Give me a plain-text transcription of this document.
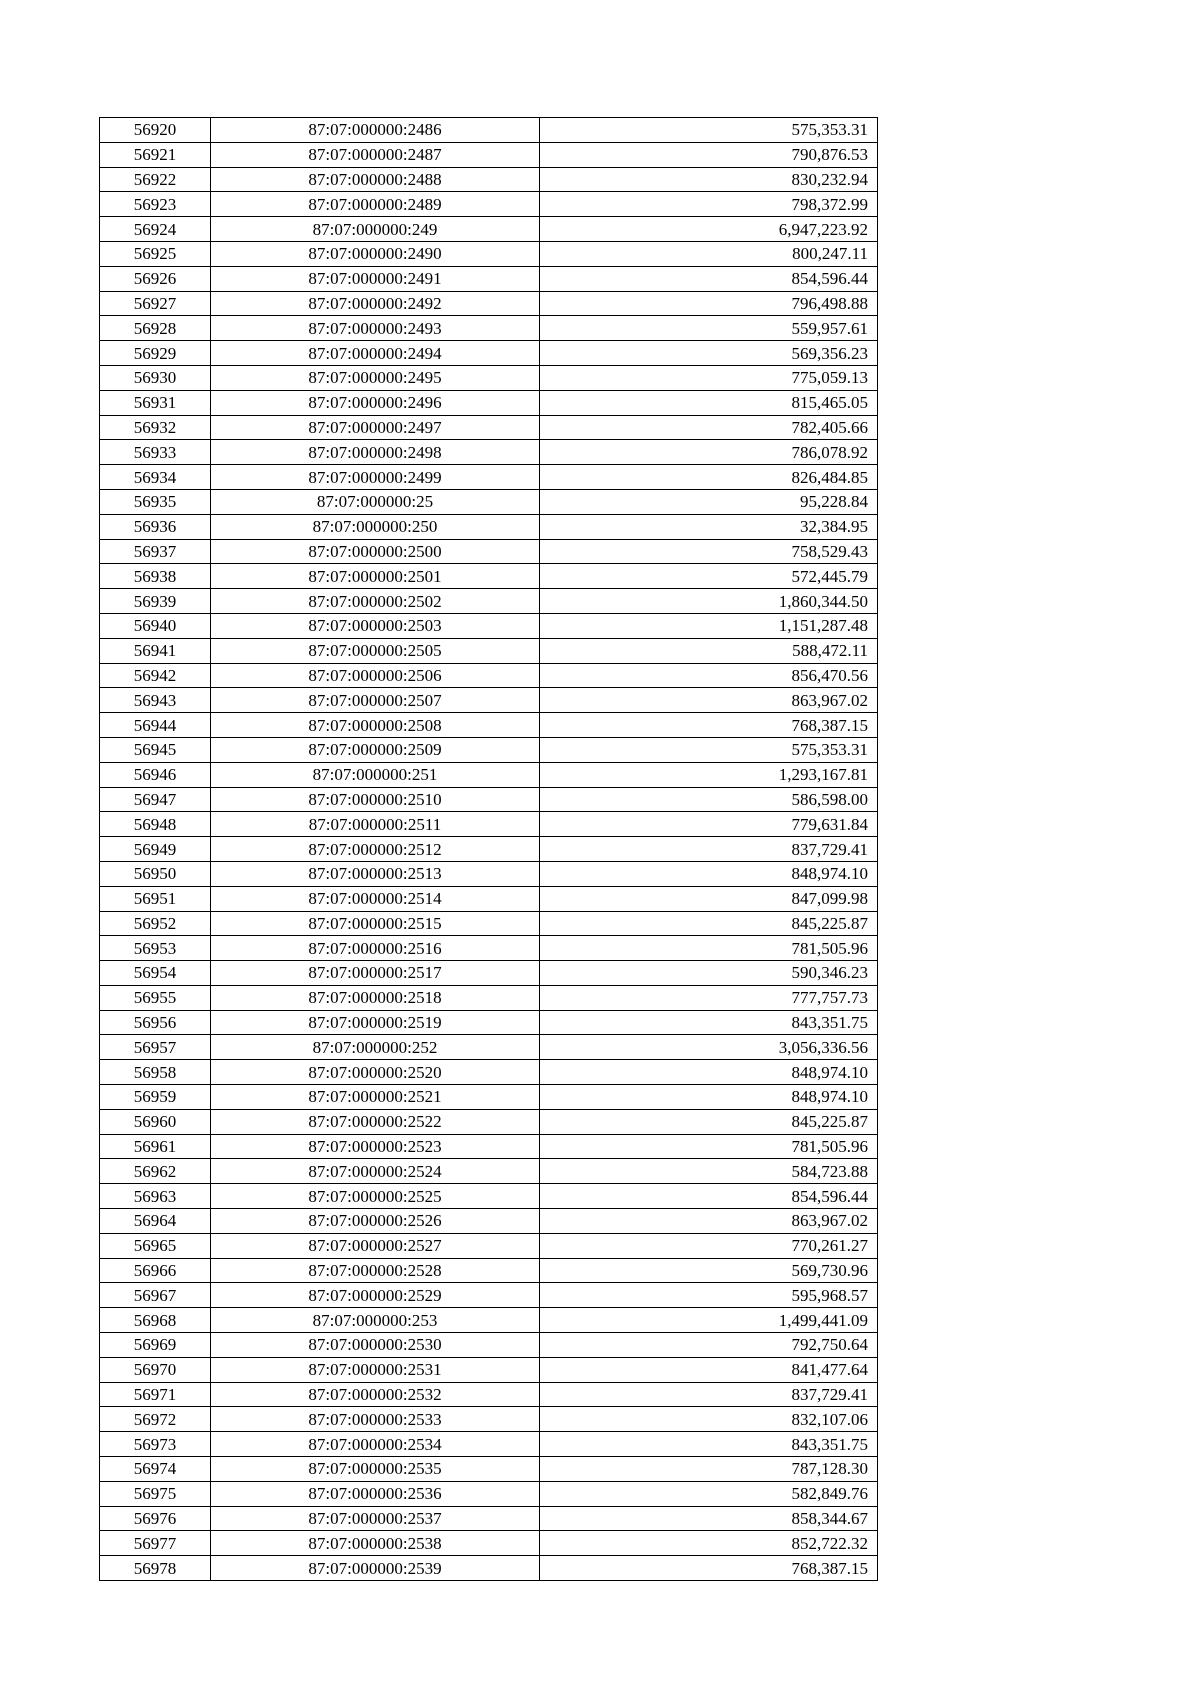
56920	87:07:000000:2486	575,353.31
56921	87:07:000000:2487	790,876.53
56922	87:07:000000:2488	830,232.94
56923	87:07:000000:2489	798,372.99
56924	87:07:000000:249	6,947,223.92
56925	87:07:000000:2490	800,247.11
56926	87:07:000000:2491	854,596.44
56927	87:07:000000:2492	796,498.88
56928	87:07:000000:2493	559,957.61
56929	87:07:000000:2494	569,356.23
56930	87:07:000000:2495	775,059.13
56931	87:07:000000:2496	815,465.05
56932	87:07:000000:2497	782,405.66
56933	87:07:000000:2498	786,078.92
56934	87:07:000000:2499	826,484.85
56935	87:07:000000:25	95,228.84
56936	87:07:000000:250	32,384.95
56937	87:07:000000:2500	758,529.43
56938	87:07:000000:2501	572,445.79
56939	87:07:000000:2502	1,860,344.50
56940	87:07:000000:2503	1,151,287.48
56941	87:07:000000:2505	588,472.11
56942	87:07:000000:2506	856,470.56
56943	87:07:000000:2507	863,967.02
56944	87:07:000000:2508	768,387.15
56945	87:07:000000:2509	575,353.31
56946	87:07:000000:251	1,293,167.81
56947	87:07:000000:2510	586,598.00
56948	87:07:000000:2511	779,631.84
56949	87:07:000000:2512	837,729.41
56950	87:07:000000:2513	848,974.10
56951	87:07:000000:2514	847,099.98
56952	87:07:000000:2515	845,225.87
56953	87:07:000000:2516	781,505.96
56954	87:07:000000:2517	590,346.23
56955	87:07:000000:2518	777,757.73
56956	87:07:000000:2519	843,351.75
56957	87:07:000000:252	3,056,336.56
56958	87:07:000000:2520	848,974.10
56959	87:07:000000:2521	848,974.10
56960	87:07:000000:2522	845,225.87
56961	87:07:000000:2523	781,505.96
56962	87:07:000000:2524	584,723.88
56963	87:07:000000:2525	854,596.44
56964	87:07:000000:2526	863,967.02
56965	87:07:000000:2527	770,261.27
56966	87:07:000000:2528	569,730.96
56967	87:07:000000:2529	595,968.57
56968	87:07:000000:253	1,499,441.09
56969	87:07:000000:2530	792,750.64
56970	87:07:000000:2531	841,477.64
56971	87:07:000000:2532	837,729.41
56972	87:07:000000:2533	832,107.06
56973	87:07:000000:2534	843,351.75
56974	87:07:000000:2535	787,128.30
56975	87:07:000000:2536	582,849.76
56976	87:07:000000:2537	858,344.67
56977	87:07:000000:2538	852,722.32
56978	87:07:000000:2539	768,387.15
